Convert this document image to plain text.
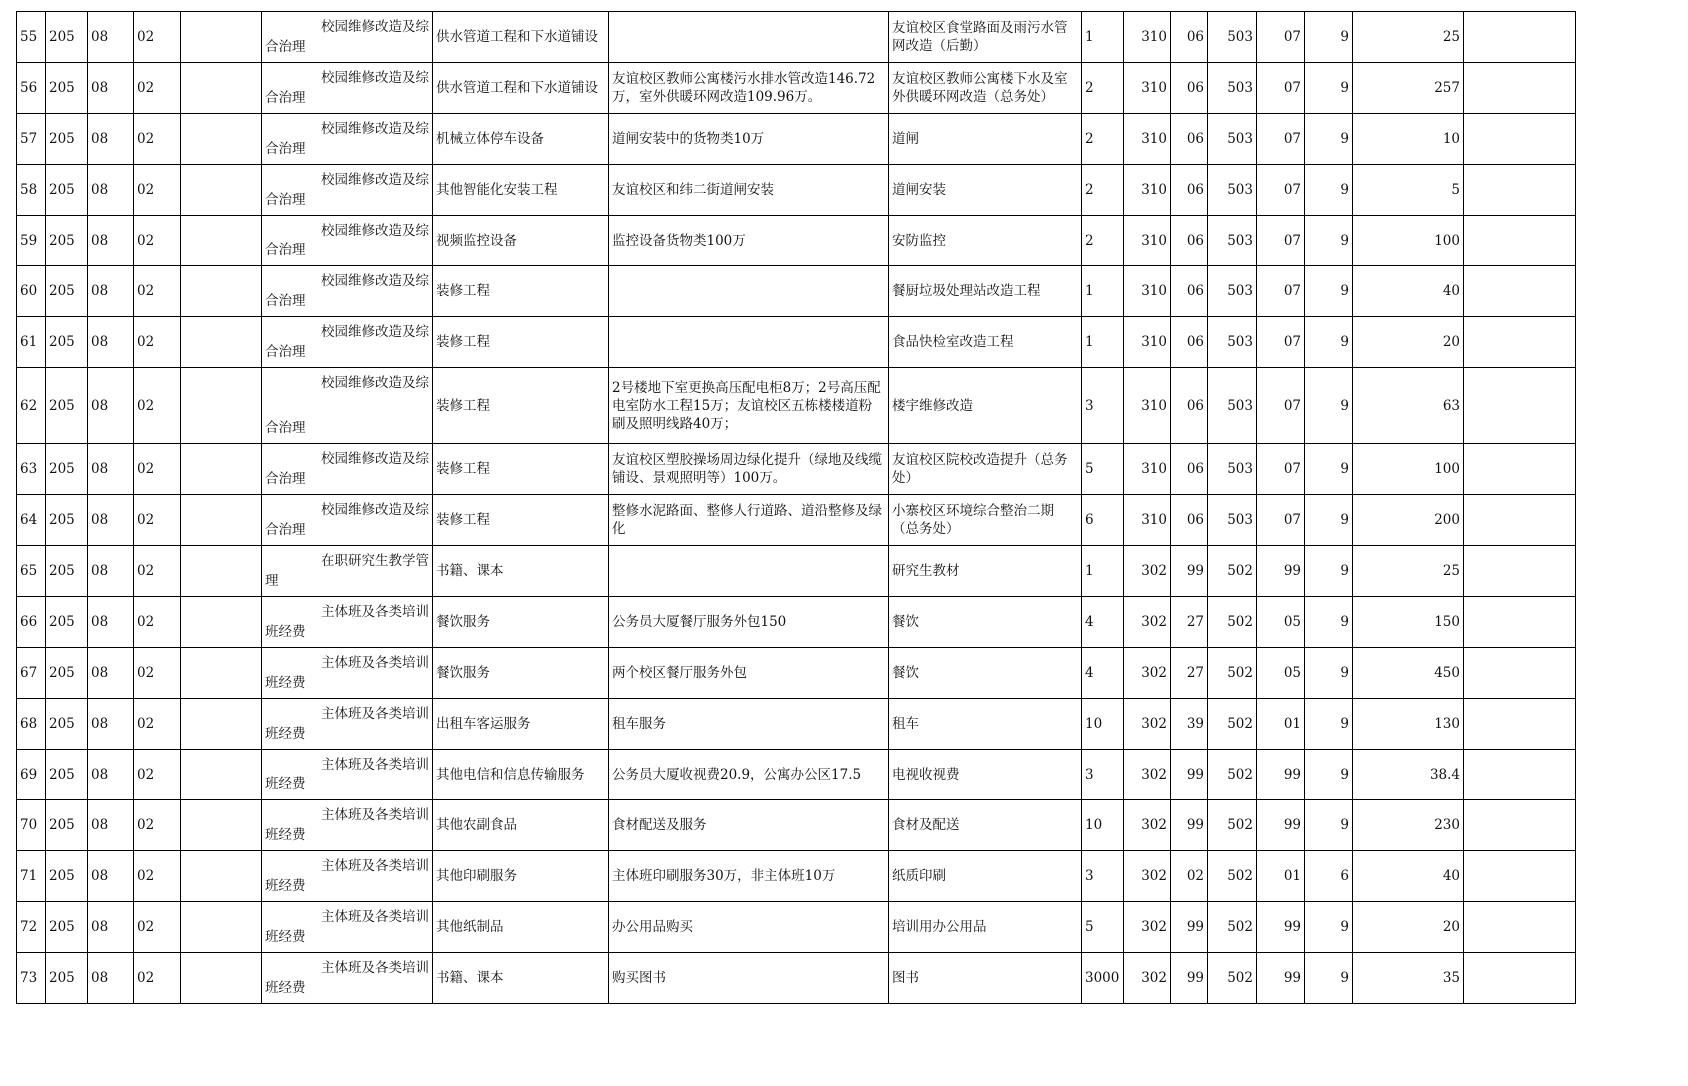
55	205	08	02		校园维修改造及综
合治理	供水管道工程和下水道铺设		友谊校区食堂路面及雨污水管网改造（后勤）	1	310	06	503	07	9	25	
56	205	08	02		校园维修改造及综
合治理	供水管道工程和下水道铺设	友谊校区教师公寓楼污水排水管改造146.72万，室外供暖环网改造109.96万。	友谊校区教师公寓楼下水及室外供暖环网改造（总务处）	2	310	06	503	07	9	257	
57	205	08	02		校园维修改造及综
合治理	机械立体停车设备	道闸安装中的货物类10万	道闸	2	310	06	503	07	9	10	
58	205	08	02		校园维修改造及综
合治理	其他智能化安装工程	友谊校区和纬二街道闸安装	道闸安装	2	310	06	503	07	9	5	
59	205	08	02		校园维修改造及综
合治理	视频监控设备	监控设备货物类100万	安防监控	2	310	06	503	07	9	100	
60	205	08	02		校园维修改造及综
合治理	装修工程		餐厨垃圾处理站改造工程	1	310	06	503	07	9	40	
61	205	08	02		校园维修改造及综
合治理	装修工程		食品快检室改造工程	1	310	06	503	07	9	20	
62	205	08	02		校园维修改造及综
合治理	装修工程	2号楼地下室更换高压配电柜8万；2号高压配电室防水工程15万；友谊校区五栋楼楼道粉刷及照明线路40万；	楼宇维修改造	3	310	06	503	07	9	63	
63	205	08	02		校园维修改造及综
合治理	装修工程	友谊校区塑胶操场周边绿化提升（绿地及线缆铺设、景观照明等）100万。	友谊校区院校改造提升（总务处）	5	310	06	503	07	9	100	
64	205	08	02		校园维修改造及综
合治理	装修工程	整修水泥路面、整修人行道路、道沿整修及绿化	小寨校区环境综合整治二期（总务处）	6	310	06	503	07	9	200	
65	205	08	02		在职研究生教学管
理	书籍、课本		研究生教材	1	302	99	502	99	9	25	
66	205	08	02		主体班及各类培训
班经费	餐饮服务	公务员大厦餐厅服务外包150	餐饮	4	302	27	502	05	9	150	
67	205	08	02		主体班及各类培训
班经费	餐饮服务	两个校区餐厅服务外包	餐饮	4	302	27	502	05	9	450	
68	205	08	02		主体班及各类培训
班经费	出租车客运服务	租车服务	租车	10	302	39	502	01	9	130	
69	205	08	02		主体班及各类培训
班经费	其他电信和信息传输服务	公务员大厦收视费20.9，公寓办公区17.5	电视收视费	3	302	99	502	99	9	38.4	
70	205	08	02		主体班及各类培训
班经费	其他农副食品	食材配送及服务	食材及配送	10	302	99	502	99	9	230	
71	205	08	02		主体班及各类培训
班经费	其他印刷服务	主体班印刷服务30万，非主体班10万	纸质印刷	3	302	02	502	01	6	40	
72	205	08	02		主体班及各类培训
班经费	其他纸制品	办公用品购买	培训用办公用品	5	302	99	502	99	9	20	
73	205	08	02		主体班及各类培训
班经费	书籍、课本	购买图书	图书	3000	302	99	502	99	9	35	
